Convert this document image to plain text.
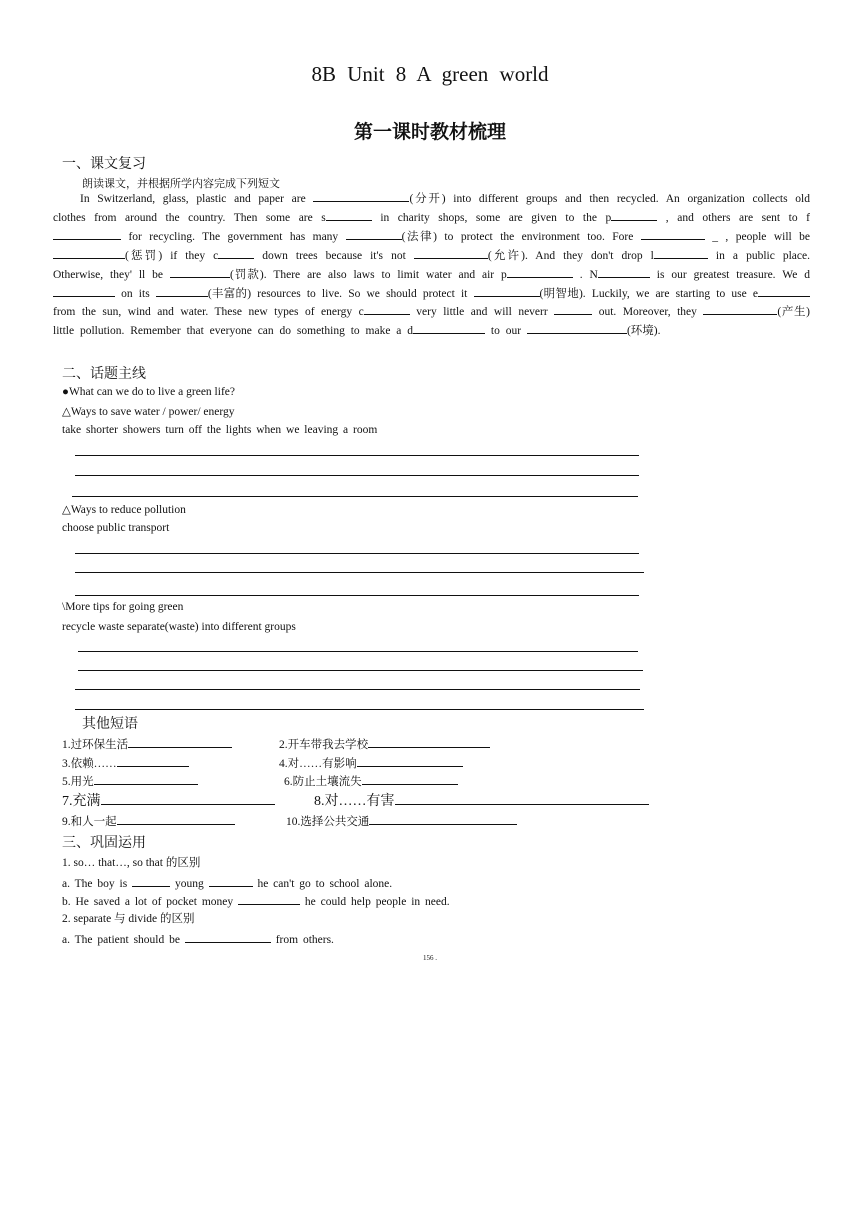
8B Unit 8 A green world
第一课时教材梳理
一、课文复习
朗读课文，并根据所学内容完成下列短文
In Switzerland, glass, plastic and paper are	(分开) into different groups and then recycled. An organization collects old clothes from around the country. Then some are s	in charity shops, some are given to the p	, and others are sent to f for recycling. The government has many	(法律) to protect the environment too. Fore	_ , people will be (惩罚) if they c	down trees because it's not	(允许). And they don't drop l	in a public place. Otherwise, they' ll be	(罚款). There are also laws to limit water and air p	. N	is our greatest treasure. We d on its	(丰富的) resources to live. So we should protect it	(明智地). Luckily, we are starting to use e from the sun, wind and water. These new types of energy c	very little and will neverr	out. Moreover, they	(产生) little pollution. Remember that everyone can do something to make a d	to our	(环境).
二、话题主线
●What can we do to live a green life?
△Ways to save water / power/ energy
take shorter showers turn off the lights when we leaving a room
△Ways to reduce pollution
choose public transport
\More tips for going green
recycle waste separate(waste) into different groups
其他短语
1.过环保生活	2.开车带我去学校
3.依赖……	4.对……有影响
5.用光	6.防止土壤流失
7.充满	8.对……有害
9.和人一起	10.选择公共交通
三、巩固运用
1. so… that…, so that 的区别
a. The boy is	young	he can't go to school alone.
b. He saved a lot of pocket money	he could help people in need.
2. separate 与 divide 的区别
a. The patient should be	from others.
156 .
